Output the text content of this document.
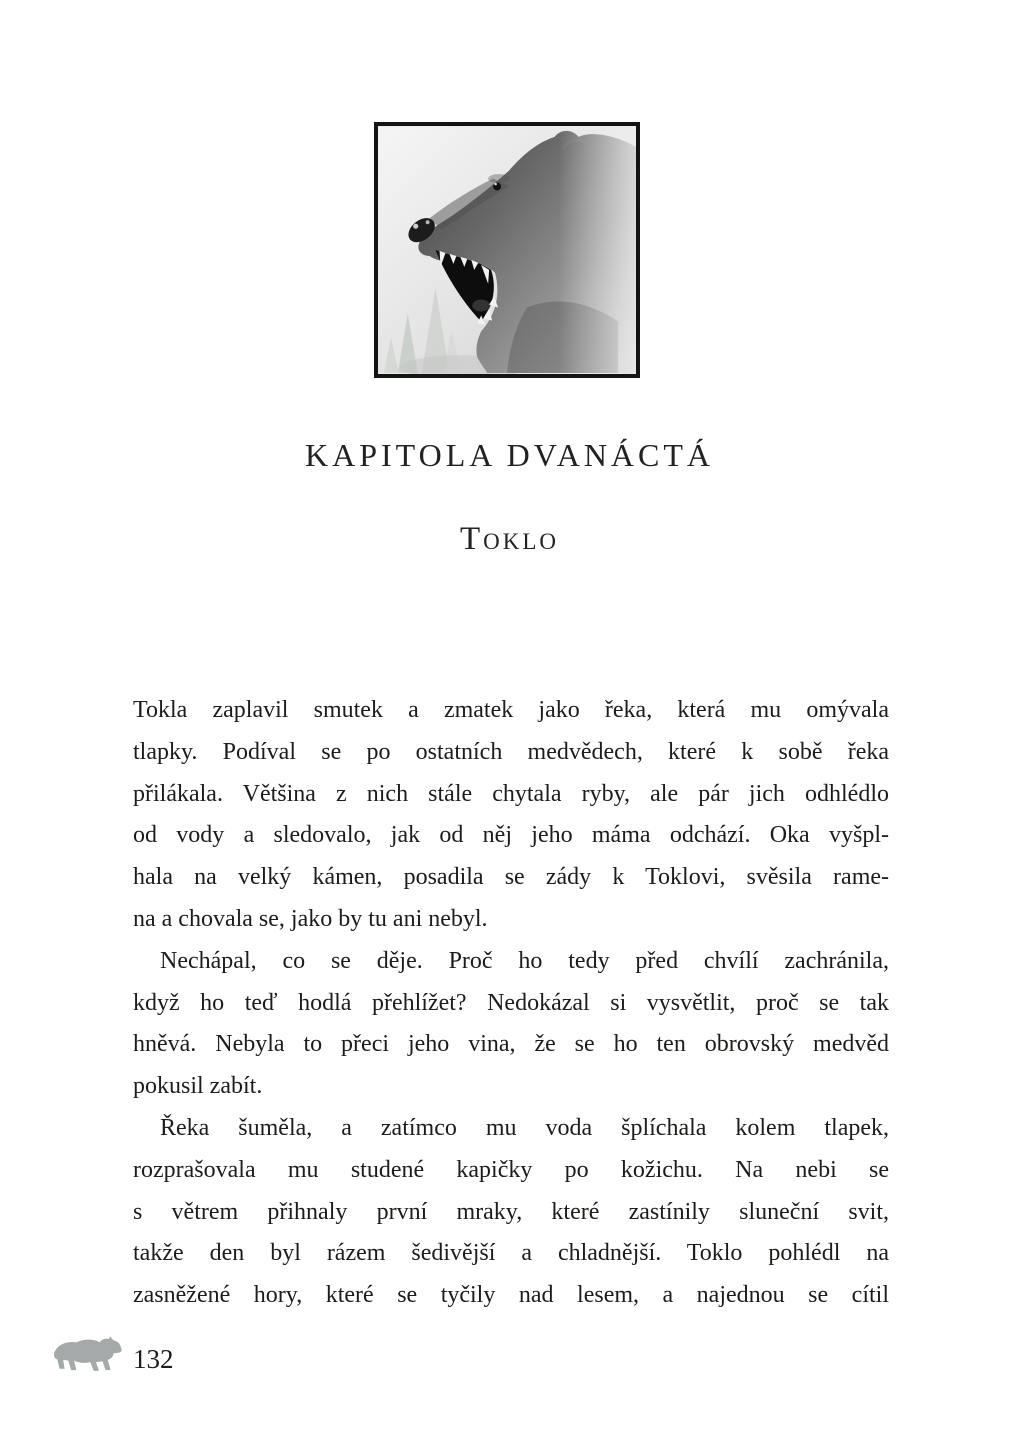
KAPITOLA DVANÁCTÁ
Toklo
Tokla zaplavil smutek a zmatek jako řeka, která mu omývala
tlapky. Podíval se po ostatních medvědech, které k sobě řeka
přilákala. Většina z nich stále chytala ryby, ale pár jich odhlédlo
od vody a sledovalo, jak od něj jeho máma odchází. Oka vyšpl-
hala na velký kámen, posadila se zády k Toklovi, svěsila rame-
na a chovala se, jako by tu ani nebyl.
Nechápal, co se děje. Proč ho tedy před chvílí zachránila,
když ho teď hodlá přehlížet? Nedokázal si vysvětlit, proč se tak
hněvá. Nebyla to přeci jeho vina, že se ho ten obrovský medvěd
pokusil zabít.
Řeka šuměla, a zatímco mu voda šplíchala kolem tlapek,
rozprašovala mu studené kapičky po kožichu. Na nebi se
s větrem přihnaly první mraky, které zastínily sluneční svit,
takže den byl rázem šedivější a chladnější. Toklo pohlédl na
zasněžené hory, které se tyčily nad lesem, a najednou se cítil
132
